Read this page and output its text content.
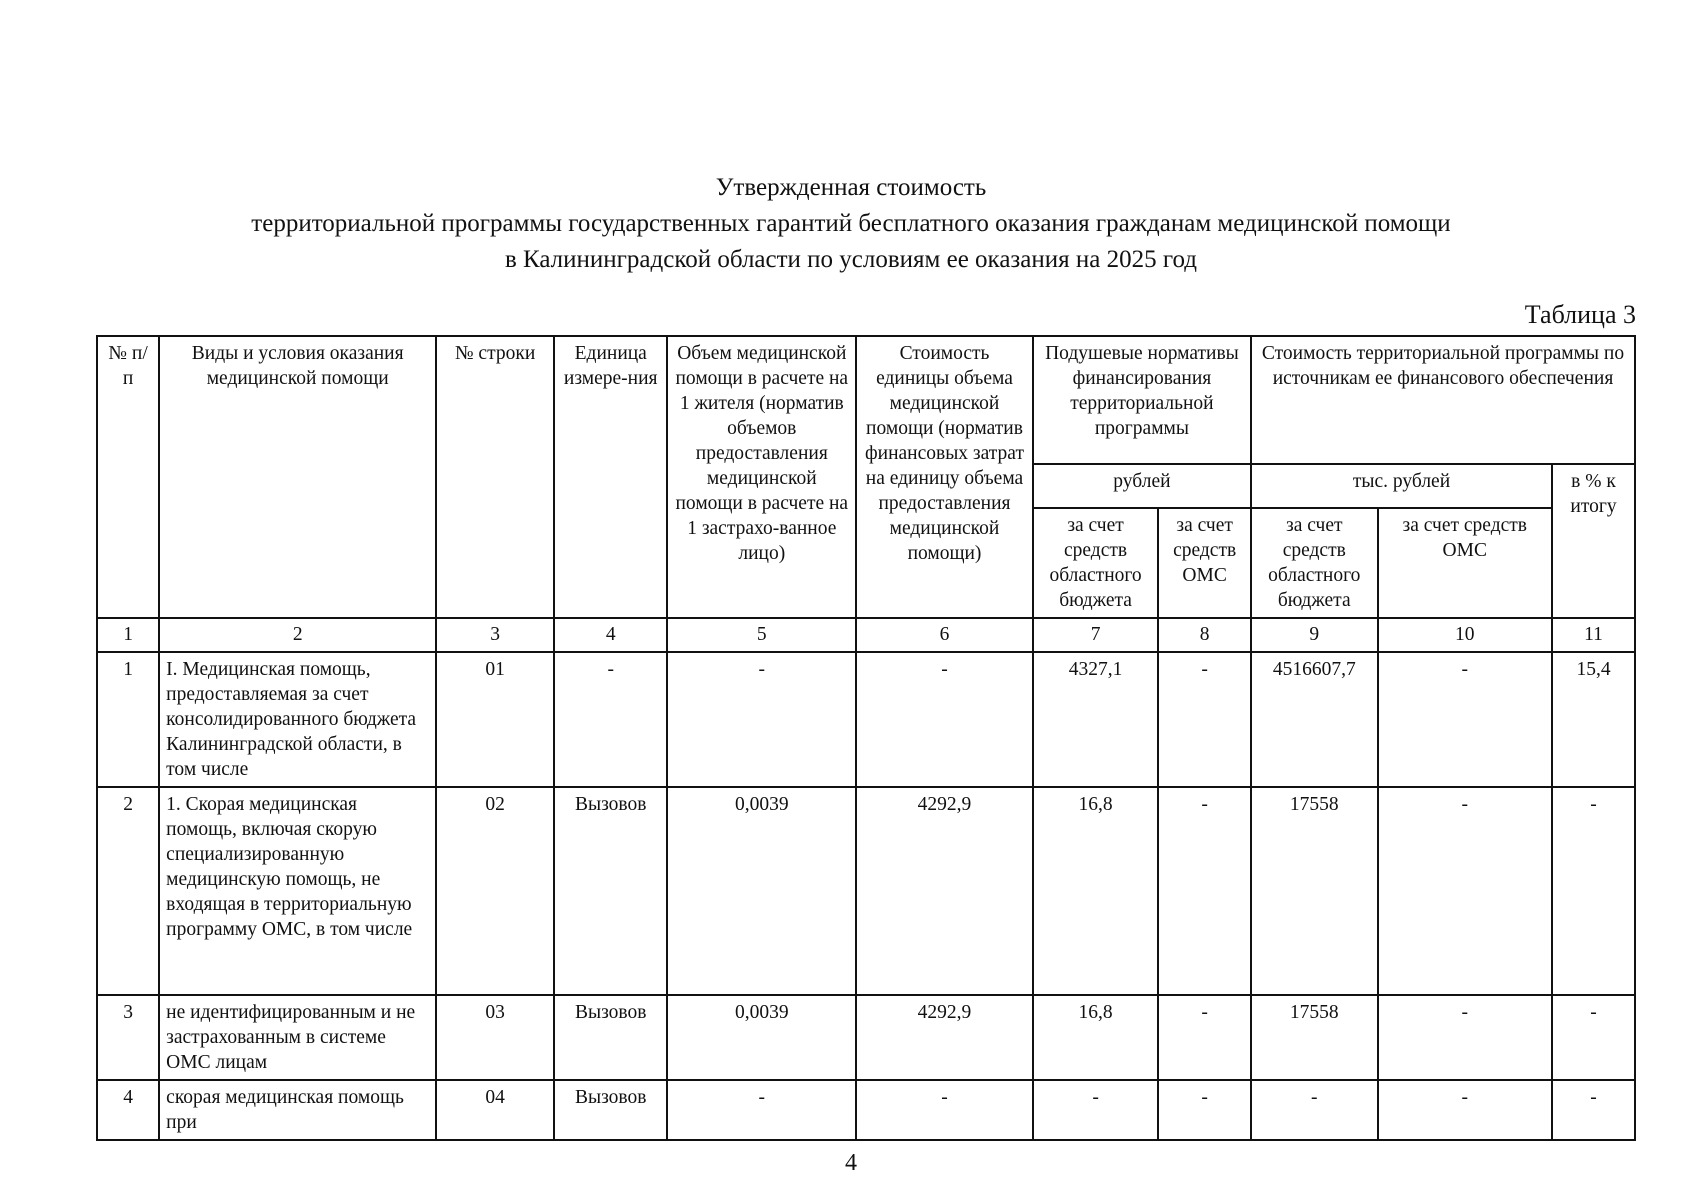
Утвержденная стоимость
территориальной программы государственных гарантий бесплатного оказания гражданам медицинской помощи
в Калининградской области по условиям ее оказания на 2025 год
Таблица 3
№ п/п	Виды и условия оказания медицинской помощи	№ строки	Единица измере-ния	Объем медицинской помощи в расчете на 1 жителя (норматив объемов предоставления медицинской помощи в расчете на 1 застрахо-ванное лицо)	Стоимость единицы объема медицинской помощи (норматив финансовых затрат на единицу объема предоставления медицинской помощи)	Подушевые нормативы финансирования территориальной программы		Стоимость территориальной программы по источникам ее финансового обеспечения		
						рублей		тыс. рублей		в % к итогу
						за счет средств областного бюджета	за счет средств ОМС	за счет средств областного бюджета	за счет средств ОМС	
1	2	3	4	5	6	7	8	9	10	11
1	I. Медицинская помощь, предоставляемая за счет консолидированного бюджета Калининградской области, в том числе	01	-	-	-	4327,1	-	4516607,7	-	15,4
2	1. Скорая медицинская помощь, включая скорую специализированную медицинскую помощь, не входящая в территориальную программу ОМС, в том числе	02	Вызовов	0,0039	4292,9	16,8	-	17558	-	-
3	не идентифицированным и не застрахованным в системе ОМС лицам	03	Вызовов	0,0039	4292,9	16,8	-	17558	-	-
4	скорая медицинская помощь при	04	Вызовов	-	-	-	-	-	-	-
4
